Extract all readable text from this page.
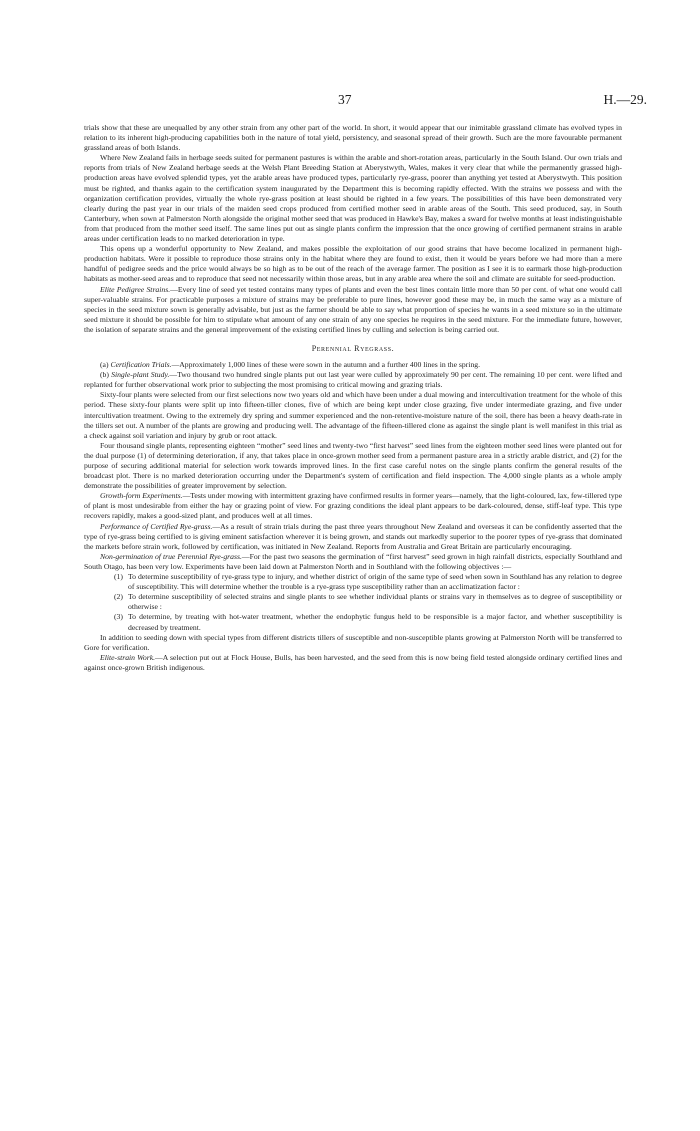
37	H.—29.

trials show that these are unequalled by any other strain from any other part of the world. In short, it would appear that our inimitable grassland climate has evolved types in relation to its inherent high-producing capabilities both in the nature of total yield, persistency, and seasonal spread of their growth. Such are the more favourable permanent grassland areas of both Islands.

Where New Zealand fails in herbage seeds suited for permanent pastures is within the arable and short-rotation areas, particularly in the South Island. Our own trials and reports from trials of New Zealand herbage seeds at the Welsh Plant Breeding Station at Aberystwyth, Wales, makes it very clear that while the permanently grassed high-production areas have evolved splendid types, yet the arable areas have produced types, particularly rye-grass, poorer than anything yet tested at Aberystwyth. This position must be righted, and thanks again to the certification system inaugurated by the Department this is becoming rapidly effected. With the strains we possess and with the organization certification provides, virtually the whole rye-grass position at least should be righted in a few years. The possibilities of this have been demonstrated very clearly during the past year in our trials of the maiden seed crops produced from certified mother seed in arable areas of the South. This seed produced, say, in South Canterbury, when sown at Palmerston North alongside the original mother seed that was produced in Hawke's Bay, makes a sward for twelve months at least indistinguishable from that produced from the mother seed itself. The same lines put out as single plants confirm the impression that the once growing of certified permanent strains in arable areas under certification leads to no marked deterioration in type.

This opens up a wonderful opportunity to New Zealand, and makes possible the exploitation of our good strains that have become localized in permanent high-production habitats. Were it possible to reproduce those strains only in the habitat where they are found to exist, then it would be years before we had more than a mere handful of pedigree seeds and the price would always be so high as to be out of the reach of the average farmer. The position as I see it is to earmark those high-production habitats as mother-seed areas and to reproduce that seed not necessarily within those areas, but in any arable area where the soil and climate are suitable for seed-production.

Elite Pedigree Strains.—Every line of seed yet tested contains many types of plants and even the best lines contain little more than 50 per cent. of what one would call super-valuable strains. For practicable purposes a mixture of strains may be preferable to pure lines, however good these may be, in much the same way as a mixture of species in the seed mixture sown is generally advisable, but just as the farmer should be able to say what proportion of species he wants in a seed mixture so in the ultimate seed mixture it should be possible for him to stipulate what amount of any one strain of any one species he requires in the seed mixture. For the immediate future, however, the isolation of separate strains and the general improvement of the existing certified lines by culling and selection is being carried out.

Perennial Ryegrass.

(a) Certification Trials.—Approximately 1,000 lines of these were sown in the autumn and a further 400 lines in the spring.

(b) Single-plant Study.—Two thousand two hundred single plants put out last year were culled by approximately 90 per cent. The remaining 10 per cent. were lifted and replanted for further observational work prior to subjecting the most promising to critical mowing and grazing trials.

Sixty-four plants were selected from our first selections now two years old and which have been under a dual mowing and intercultivation treatment for the whole of this period. These sixty-four plants were split up into fifteen-tiller clones, five of which are being kept under close grazing, five under intermediate grazing, and five under intercultivation treatment. Owing to the extremely dry spring and summer experienced and the non-retentive-moisture nature of the soil, there has been a heavy death-rate in the tillers set out. A number of the plants are growing and producing well. The advantage of the fifteen-tillered clone as against the single plant is well manifest in this trial as a check against soil variation and injury by grub or root attack.

Four thousand single plants, representing eighteen “mother” seed lines and twenty-two “first harvest” seed lines from the eighteen mother seed lines were planted out for the dual purpose (1) of determining deterioration, if any, that takes place in once-grown mother seed from a permanent pasture area in a strictly arable district, and (2) for the purpose of securing additional material for selection work towards improved lines. In the first case careful notes on the single plants confirm the general results of the broadcast plot. There is no marked deterioration occurring under the Department's system of certification and field inspection. The 4,000 single plants as a whole amply demonstrate the possibilities of greater improvement by selection.

Growth-form Experiments.—Tests under mowing with intermittent grazing have confirmed results in former years—namely, that the light-coloured, lax, few-tillered type of plant is most undesirable from either the hay or grazing point of view. For grazing conditions the ideal plant appears to be dark-coloured, dense, stiff-leaf type. This type recovers rapidly, makes a good-sized plant, and produces well at all times.

Performance of Certified Rye-grass.—As a result of strain trials during the past three years throughout New Zealand and overseas it can be confidently asserted that the type of rye-grass being certified to is giving eminent satisfaction wherever it is being grown, and stands out markedly superior to the poorer types of rye-grass that dominated the markets before strain work, followed by certification, was initiated in New Zealand. Reports from Australia and Great Britain are particularly encouraging.

Non-germination of true Perennial Rye-grass.—For the past two seasons the germination of “first harvest” seed grown in high rainfall districts, especially Southland and South Otago, has been very low. Experiments have been laid down at Palmerston North and in Southland with the following objectives :—

(1) To determine susceptibility of rye-grass type to injury, and whether district of origin of the same type of seed when sown in Southland has any relation to degree of susceptibility. This will determine whether the trouble is a rye-grass type susceptibility rather than an acclimatization factor :
(2) To determine susceptibility of selected strains and single plants to see whether individual plants or strains vary in themselves as to degree of susceptibility or otherwise :
(3) To determine, by treating with hot-water treatment, whether the endophytic fungus held to be responsible is a major factor, and whether susceptibility is decreased by treatment.

In addition to seeding down with special types from different districts tillers of susceptible and non-susceptible plants growing at Palmerston North will be transferred to Gore for verification.

Elite-strain Work.—A selection put out at Flock House, Bulls, has been harvested, and the seed from this is now being field tested alongside ordinary certified lines and against once-grown British indigenous.
